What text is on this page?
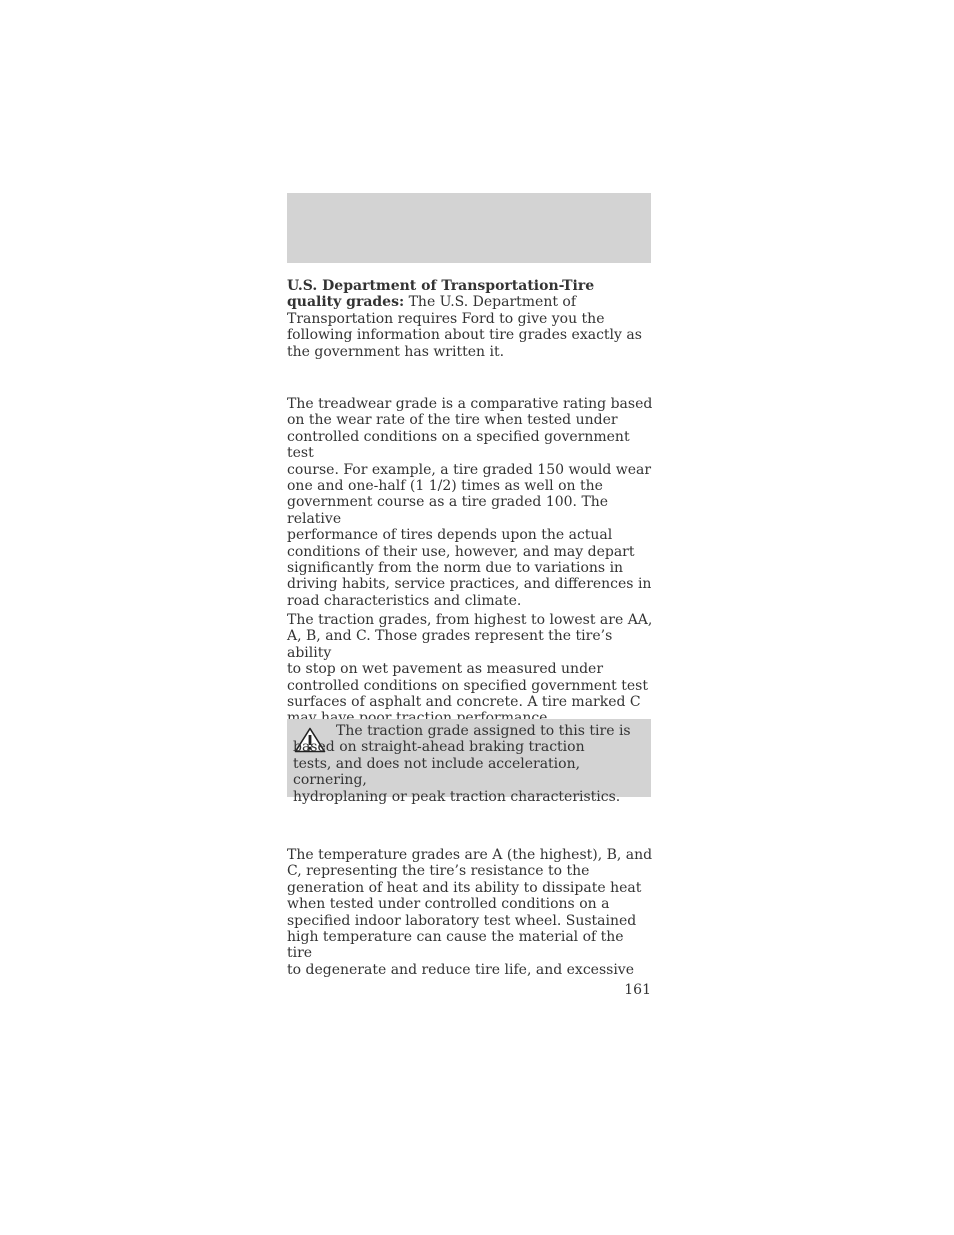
U.S. Department of Transportation-Tire quality grades: The U.S. Department of Transportation requires Ford to give you the following information about tire grades exactly as the government has written it.

The treadwear grade is a comparative rating based
on the wear rate of the tire when tested under
controlled conditions on a specified government test
course. For example, a tire graded 150 would wear
one and one-half (1 1/2) times as well on the
government course as a tire graded 100. The relative
performance of tires depends upon the actual
conditions of their use, however, and may depart
significantly from the norm due to variations in
driving habits, service practices, and differences in
road characteristics and climate.

The traction grades, from highest to lowest are AA,
A, B, and C. Those grades represent the tire’s ability
to stop on wet pavement as measured under
controlled conditions on specified government test
surfaces of asphalt and concrete. A tire marked C

The traction grade assigned to this tire is
based on straight-ahead braking traction
tests, and does not include acceleration, cornering,
hydroplaning or peak traction characteristics.

The temperature grades are A (the highest), B, and
C, representing the tire’s resistance to the
generation of heat and its ability to dissipate heat
when tested under controlled conditions on a
specified indoor laboratory test wheel. Sustained
high temperature can cause the material of the tire
to degenerate and reduce tire life, and excessive

161
